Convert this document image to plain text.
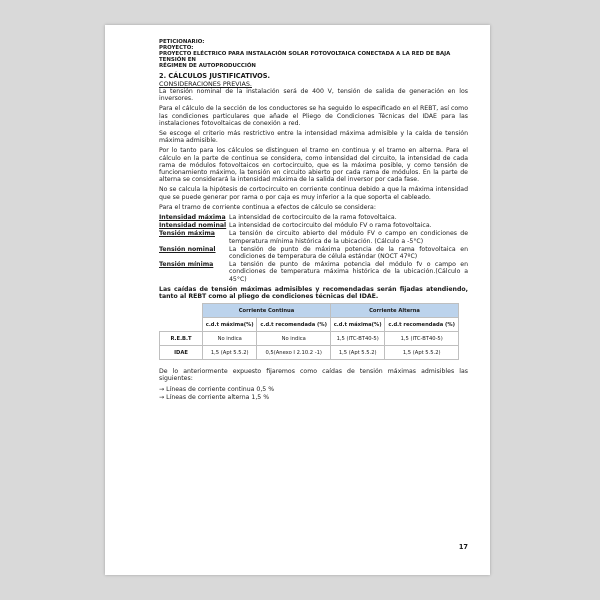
PETICIONARIO:
PROYECTO:
PROYECTO ELÉCTRICO PARA INSTALACIÓN SOLAR FOTOVOLTAICA CONECTADA A LA RED DE BAJA TENSIÓN EN
RÉGIMEN DE AUTOPRODUCCIÓN
2. CÁLCULOS JUSTIFICATIVOS.
CONSIDERACIONES PREVIAS.

La tensión nominal de la instalación será de 400 V, tensión de salida de generación en los inversores.

Para el cálculo de la sección de los conductores se ha seguido lo especificado en el REBT, así como las condiciones particulares que añade el Pliego de Condiciones Técnicas del IDAE para las instalaciones fotovoltaicas de conexión a red.

Se escoge el criterio más restrictivo entre la intensidad máxima admisible y la caída de tensión máxima admisible.

Por lo tanto para los cálculos se distinguen el tramo en continua y el tramo en alterna. Para el cálculo en la parte de continua se considera, como intensidad del circuito, la intensidad de cada rama de módulos fotovoltaicos en cortocircuito, que es la máxima posible, y como tensión de funcionamiento máximo, la tensión en circuito abierto por cada rama de módulos. En la parte de alterna se considerará la intensidad máxima de la salida del inversor por cada fase.

No se calcula la hipótesis de cortocircuito en corriente continua debido a que la máxima intensidad que se puede generar por rama o por caja es muy inferior a la que soporta el cableado.

Para el tramo de corriente continua a efectos de cálculo se considera:

Intensidad máxima La intensidad de cortocircuito de la rama fotovoltaica.
Intensidad nominal La intensidad de cortocircuito del módulo FV o rama fotovoltaica.
Tensión máxima	La tensión de circuito abierto del módulo FV o campo en condiciones de temperatura mínima histórica de la ubicación. (Cálculo a -5°C)
Tensión nominal	La tensión de punto de máxima potencia de la rama fotovoltaica en condiciones de temperatura de célula estándar (NOCT 47ºC)
Tensión mínima	La tensión de punto de máxima potencia del módulo fv o campo en condiciones de temperatura máxima histórica de la ubicación.(Cálculo a 45°C)

Las caídas de tensión máximas admisibles y recomendadas serán fijadas atendiendo, tanto al REBT como al pliego de condiciones técnicas del IDAE.

	Corriente Continua		Corriente Alterna	
	c.d.t máxima(%)	c.d.t recomendada (%)	c.d.t máxima(%)	c.d.t recomendada (%)
R.E.B.T	No indica	No indica	1,5 (ITC-BT40-5)	1,5 (ITC-BT40-5)
IDAE	1,5 (Apt 5.5.2)	0,5(Anexo I 2.10.2 -1)	1,5 (Apt 5.5.2)	1,5 (Apt 5.5.2)

De lo anteriormente expuesto fijaremos como caídas de tensión máximas admisibles las siguientes:

→ Líneas de corriente continua 0,5 %
→ Líneas de corriente alterna 1,5 %
17
